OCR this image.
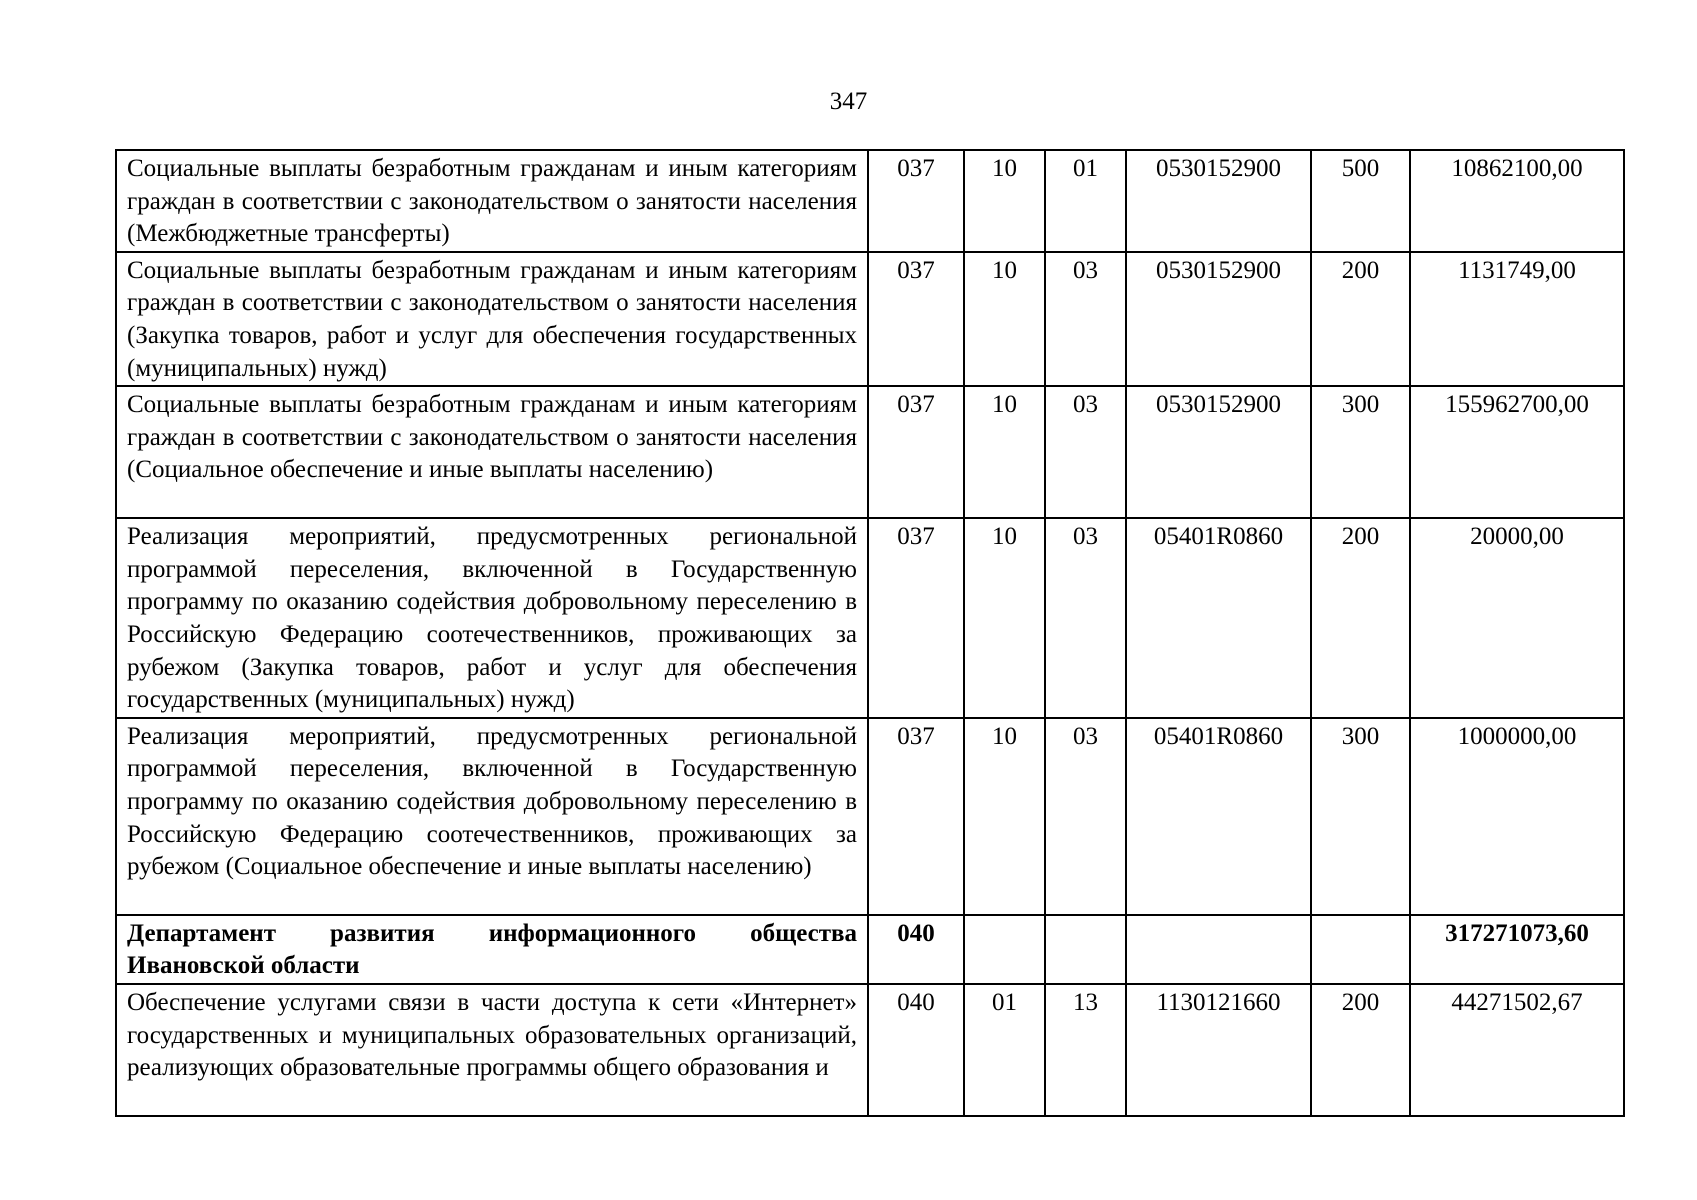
347
Социальные выплаты безработным гражданам и иным категориям граждан в соответствии с законодательством о занятости населения (Межбюджетные трансферты)	037	10	01	0530152900	500	10862100,00
Социальные выплаты безработным гражданам и иным категориям граждан в соответствии с законодательством о занятости населения (Закупка товаров, работ и услуг для обеспечения государственных (муниципальных) нужд)	037	10	03	0530152900	200	1131749,00
Социальные выплаты безработным гражданам и иным категориям граждан в соответствии с законодательством о занятости населения (Социальное обеспечение и иные выплаты населению)	037	10	03	0530152900	300	155962700,00
Реализация мероприятий, предусмотренных региональной программой переселения, включенной в Государственную программу по оказанию содействия добровольному переселению в Российскую Федерацию соотечественников, проживающих за рубежом (Закупка товаров, работ и услуг для обеспечения государственных (муниципальных) нужд)	037	10	03	05401R0860	200	20000,00
Реализация мероприятий, предусмотренных региональной программой переселения, включенной в Государственную программу по оказанию содействия добровольному переселению в Российскую Федерацию соотечественников, проживающих за рубежом (Социальное обеспечение и иные выплаты населению)	037	10	03	05401R0860	300	1000000,00
Департамент развития информационного общества Ивановской области	040					317271073,60

Обеспечение услугами связи в части доступа к сети «Интернет» государственных и муниципальных образовательных организаций, реализующих образовательные программы общего образования и	040	01	13	1130121660	200	44271502,67
